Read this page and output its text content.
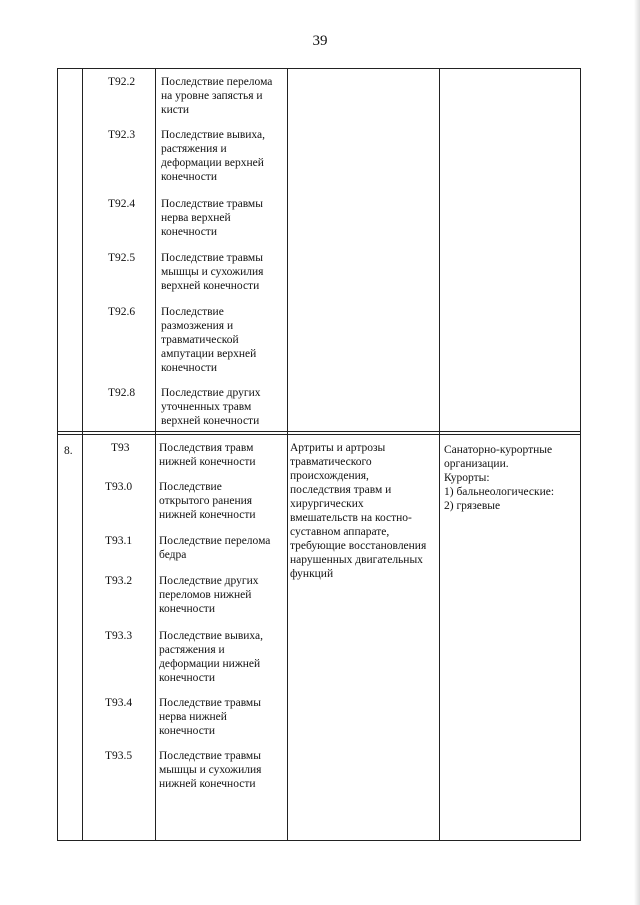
39
T92.2 Последствие перелома
на уровне запястья и
кисти
T92.3 Последствие вывиха,
растяжения и
деформации верхней
конечности
T92.4 Последствие травмы
нерва верхней
конечности
T92.5 Последствие травмы
мышцы и сухожилия
верхней конечности
T92.6 Последствие
размозжения и
травматической
ампутации верхней
конечности
T92.8 Последствие других
уточненных травм
верхней конечности
8.	T93	Последствия травм
нижней конечности
T93.0 Последствие
открытого ранения
нижней конечности
T93.1 Последствие перелома
бедра
T93.2 Последствие других
переломов нижней
конечности
T93.3 Последствие вывиха,
растяжения и
деформации нижней
конечности
T93.4 Последствие травмы
нерва нижней
конечности
T93.5 Последствие травмы
мышцы и сухожилия
нижней конечности
Артриты и артрозы
травматического
происхождения,
последствия травм и
хирургических
вмешательств на костно-
суставном аппарате,
требующие восстановления
нарушенных двигательных
функций
Санаторно-курортные
организации.
Курорты:
1) бальнеологические:
2) грязевые
